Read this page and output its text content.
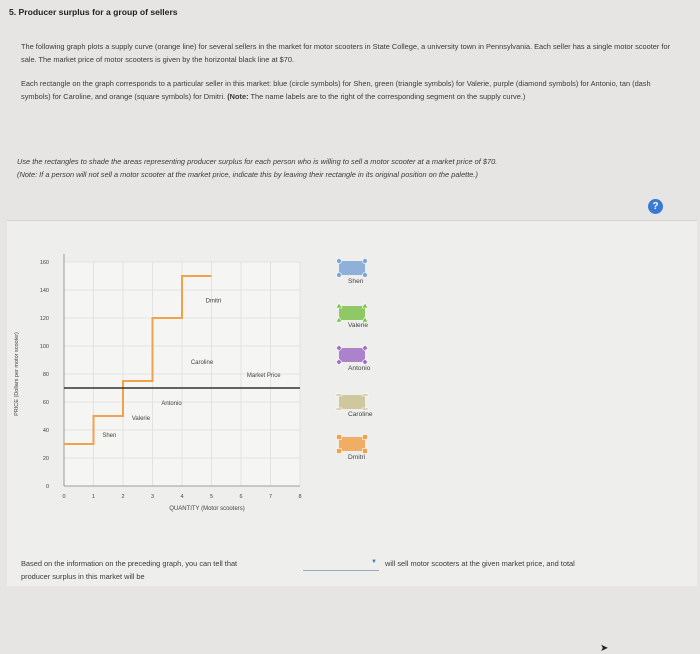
5. Producer surplus for a group of sellers
The following graph plots a supply curve (orange line) for several sellers in the market for motor scooters in State College, a university town in Pennsylvania. Each seller has a single motor scooter for sale. The market price of motor scooters is given by the horizontal black line at $70.
Each rectangle on the graph corresponds to a particular seller in this market: blue (circle symbols) for Shen, green (triangle symbols) for Valerie, purple (diamond symbols) for Antonio, tan (dash symbols) for Caroline, and orange (square symbols) for Dmitri. (Note: The name labels are to the right of the corresponding segment on the supply curve.)
Use the rectangles to shade the areas representing producer surplus for each person who is willing to sell a motor scooter at a market price of $70.
(Note: If a person will not sell a motor scooter at the market price, indicate this by leaving their rectangle in its original position on the palette.)
?
0	1	2	3	4	5	6	7	8
0
20
40
60
80
100
120
140
160
QUANTITY (Motor scooters)
PRICE (Dollars per motor scooter)
Shen
Valerie
Antonio
Caroline
Dmitri
Market Price
➤
Shen
Valerie
Antonio
Caroline
Dmitri
Based on the information on the preceding graph, you can tell that	▼ will sell motor scooters at the given market price, and total
producer surplus in this market will be
